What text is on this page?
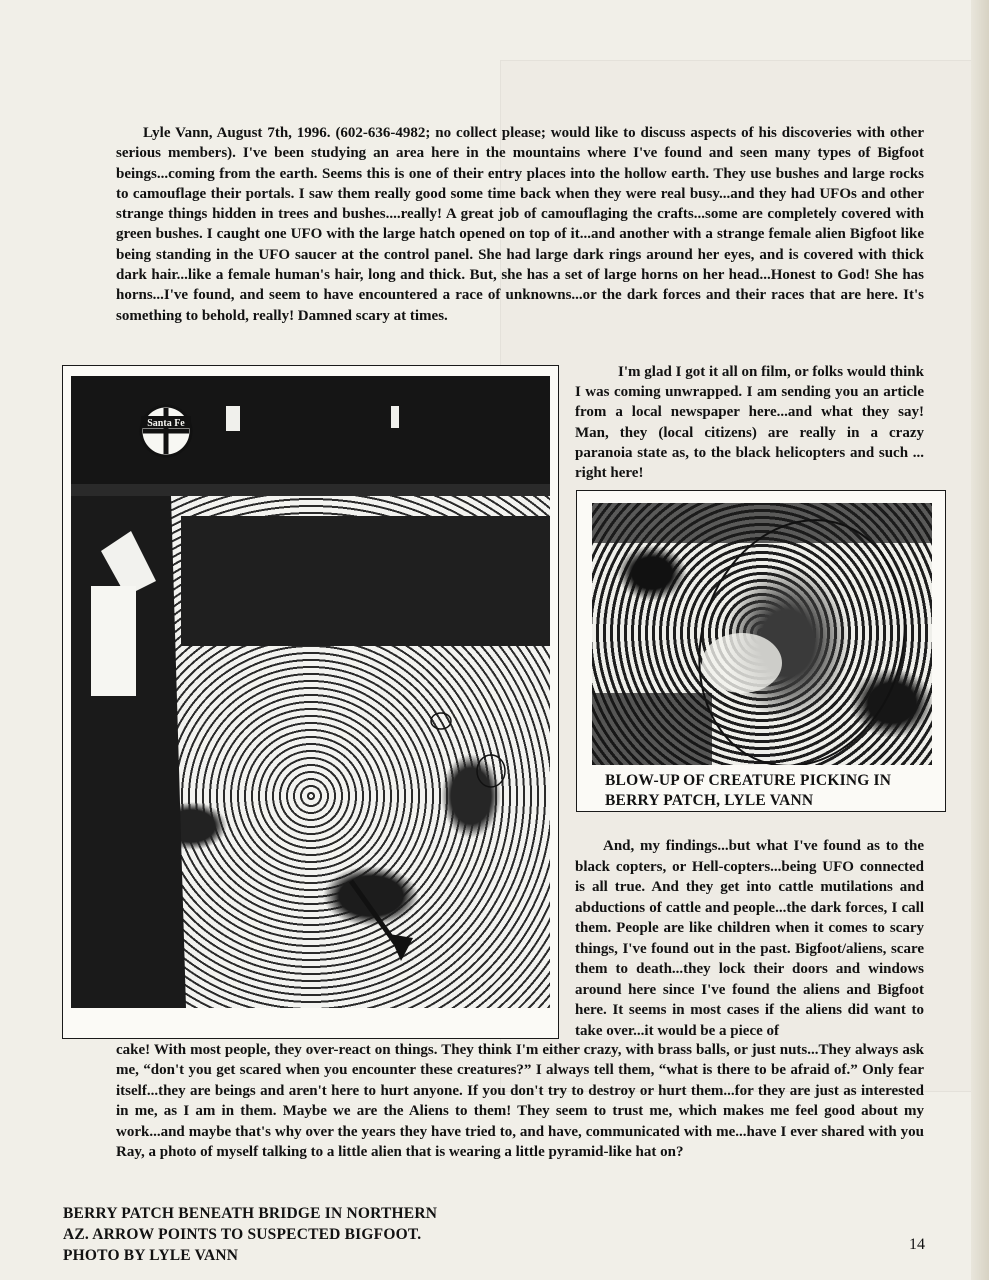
Lyle Vann, August 7th, 1996. (602-636-4982; no collect please; would like to discuss aspects of his discoveries with other serious members). I've been studying an area here in the mountains where I've found and seen many types of Bigfoot beings...coming from the earth. Seems this is one of their entry places into the hollow earth. They use bushes and large rocks to camouflage their portals. I saw them really good some time back when they were real busy...and they had UFOs and other strange things hidden in trees and bushes....really! A great job of camouflaging the crafts...some are completely covered with green bushes. I caught one UFO with the large hatch opened on top of it...and another with a strange female alien Bigfoot like being standing in the UFO saucer at the control panel. She had large dark rings around her eyes, and is covered with thick dark hair...like a female human's hair, long and thick. But, she has a set of large horns on her head...Honest to God! She has horns...I've found, and seem to have encountered a race of unknowns...or the dark forces and their races that are here. It's something to behold, really! Damned scary at times.

Santa Fe

I'm glad I got it all on film, or folks would think I was coming unwrapped. I am sending you an article from a local newspaper here...and what they say! Man, they (local citizens) are really in a crazy paranoia state as, to the black helicopters and such ... right here!

BLOW-UP OF CREATURE PICKING IN

BERRY PATCH, LYLE VANN

And, my findings...but what I've found as to the black copters, or Hell-copters...being UFO connected is all true. And they get into cattle mutilations and abductions of cattle and people...the dark forces, I call them. People are like children when it comes to scary things, I've found out in the past. Bigfoot/aliens, scare them to death...they lock their doors and windows around here since I've found the aliens and Bigfoot here. It seems in most cases if the aliens did want to take over...it would be a piece of

cake! With most people, they over-react on things. They think I'm either crazy, with brass balls, or just nuts...They always ask me, “don't you get scared when you encounter these creatures?” I always tell them, “what is there to be afraid of.” Only fear itself...they are beings and aren't here to hurt anyone. If you don't try to destroy or hurt them...for they are just as interested in me, as I am in them. Maybe we are the Aliens to them! They seem to trust me, which makes me feel good about my work...and maybe that's why over the years they have tried to, and have, communicated with me...have I ever shared with you Ray, a photo of myself talking to a little alien that is wearing a little pyramid-like hat on?

BERRY PATCH BENEATH BRIDGE IN NORTHERN
AZ. ARROW POINTS TO SUSPECTED BIGFOOT.
PHOTO BY LYLE VANN
14
